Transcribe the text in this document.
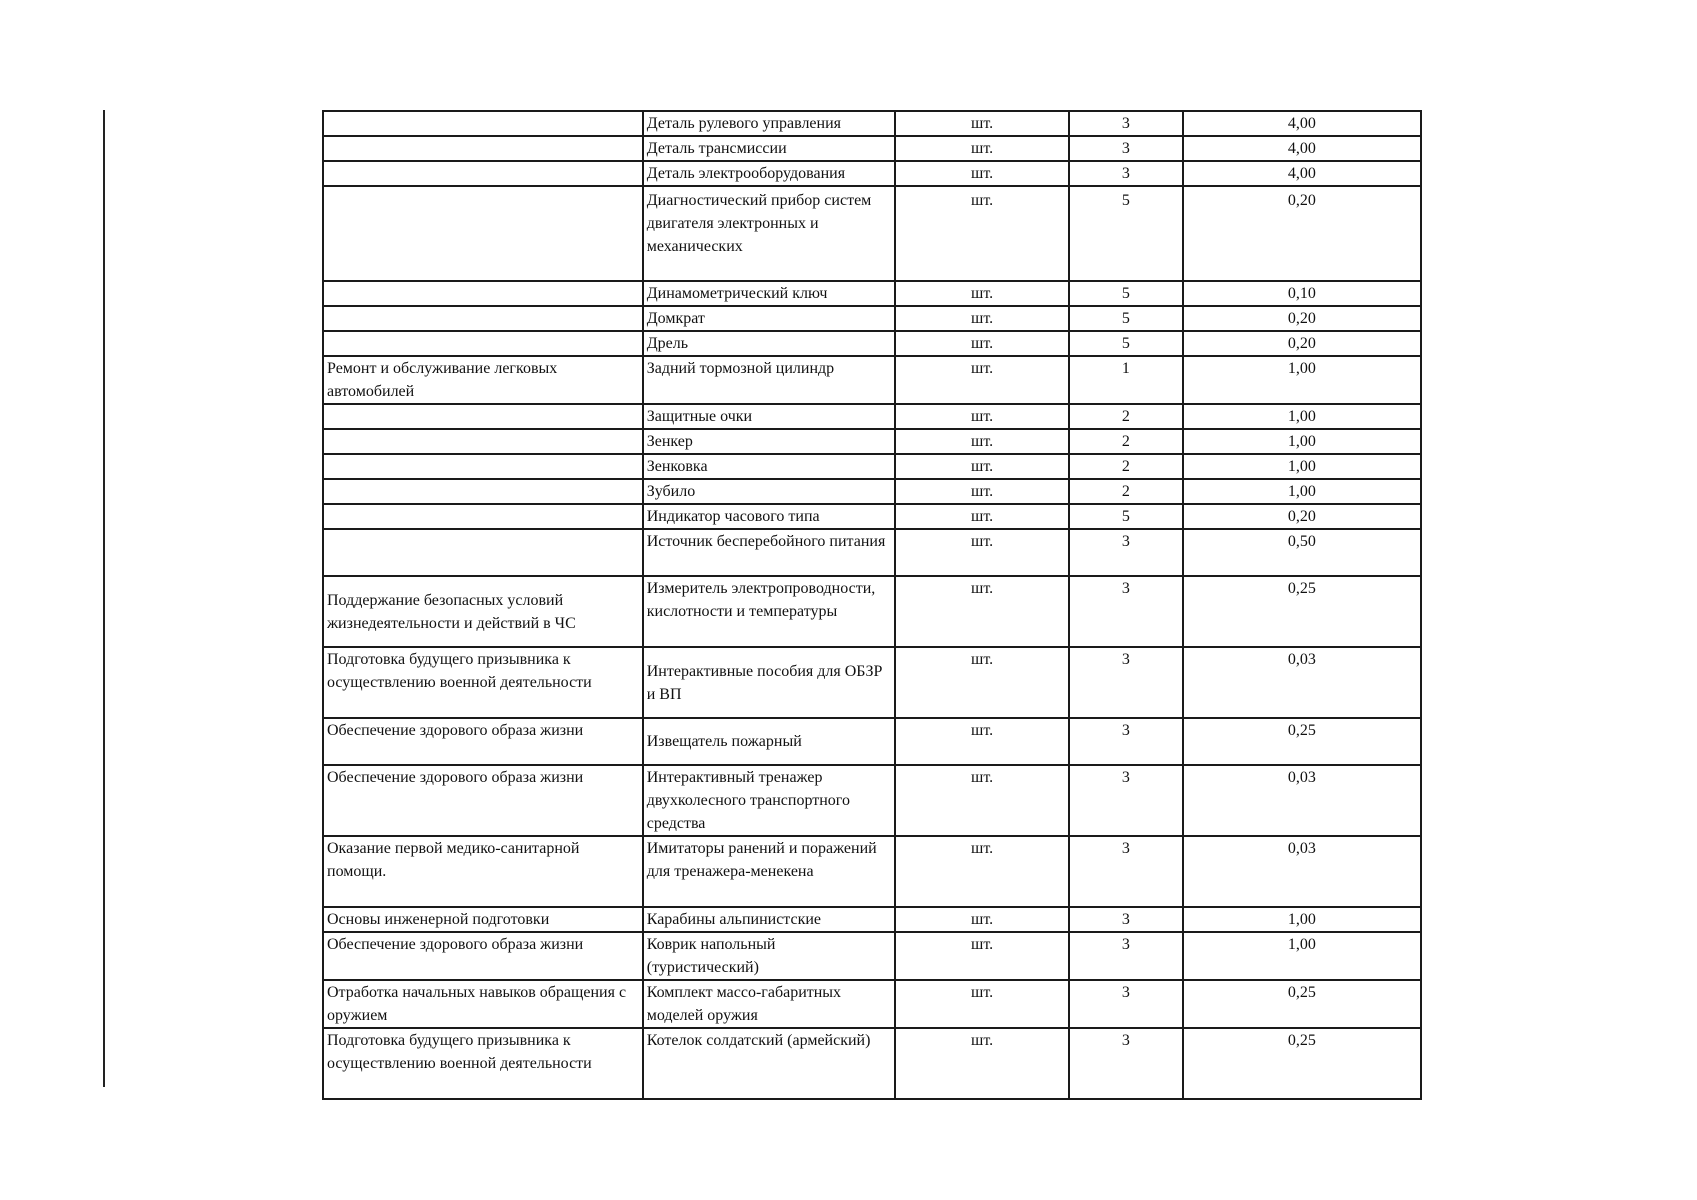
	Деталь рулевого управления	шт.	3	4,00
	Деталь трансмиссии	шт.	3	4,00
	Деталь электрооборудования	шт.	3	4,00
	Диагностический прибор систем двигателя электронных и механических	шт.	5	0,20
	Динамометрический ключ	шт.	5	0,10
	Домкрат	шт.	5	0,20
	Дрель	шт.	5	0,20
Ремонт и обслуживание легковых автомобилей	Задний тормозной цилиндр	шт.	1	1,00
	Защитные очки	шт.	2	1,00
	Зенкер	шт.	2	1,00
	Зенковка	шт.	2	1,00
	Зубило	шт.	2	1,00
	Индикатор часового типа	шт.	5	0,20
	Источник бесперебойного питания	шт.	3	0,50
Поддержание безопасных условий жизнедеятельности и действий в ЧС	Измеритель электропроводности, кислотности и температуры	шт.	3	0,25
Подготовка будущего призывника к осуществлению военной деятельности	Интерактивные пособия для ОБЗР и ВП	шт.	3	0,03
Обеспечение здорового образа жизни	Извещатель пожарный	шт.	3	0,25
Обеспечение здорового образа жизни	Интерактивный тренажер двухколесного транспортного средства	шт.	3	0,03
Оказание первой медико-санитарной помощи.	Имитаторы ранений и поражений для тренажера-менекена	шт.	3	0,03
Основы инженерной подготовки	Карабины альпинистские	шт.	3	1,00
Обеспечение здорового образа жизни	Коврик напольный (туристический)	шт.	3	1,00
Отработка начальных навыков обращения с оружием	Комплект массо-габаритных моделей оружия	шт.	3	0,25
Подготовка будущего призывника к осуществлению военной деятельности	Котелок солдатский (армейский)	шт.	3	0,25
